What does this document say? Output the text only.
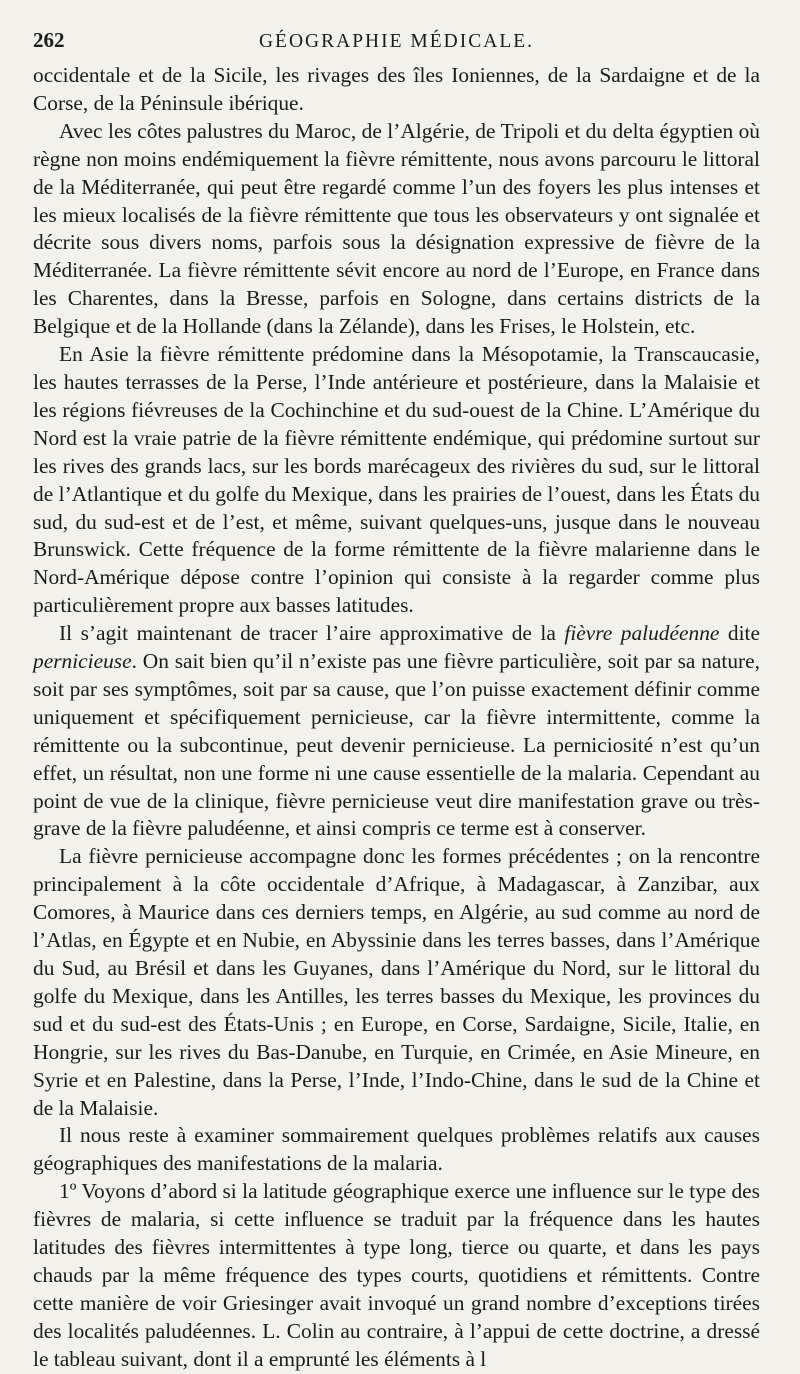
262	GÉOGRAPHIE MÉDICALE.

occidentale et de la Sicile, les rivages des îles Ioniennes, de la Sardaigne et de la Corse, de la Péninsule ibérique.

Avec les côtes palustres du Maroc, de l’Algérie, de Tripoli et du delta égyptien où règne non moins endémiquement la fièvre rémittente, nous avons parcouru le littoral de la Méditerranée, qui peut être regardé comme l’un des foyers les plus intenses et les mieux localisés de la fièvre rémittente que tous les observateurs y ont signalée et décrite sous divers noms, parfois sous la désignation expressive de fièvre de la Méditerranée. La fièvre rémittente sévit encore au nord de l’Europe, en France dans les Charentes, dans la Bresse, parfois en Sologne, dans certains districts de la Belgique et de la Hollande (dans la Zélande), dans les Frises, le Holstein, etc.

En Asie la fièvre rémittente prédomine dans la Mésopotamie, la Transcaucasie, les hautes terrasses de la Perse, l’Inde antérieure et postérieure, dans la Malaisie et les régions fiévreuses de la Cochinchine et du sud-ouest de la Chine. L’Amérique du Nord est la vraie patrie de la fièvre rémittente endémique, qui prédomine surtout sur les rives des grands lacs, sur les bords marécageux des rivières du sud, sur le littoral de l’Atlantique et du golfe du Mexique, dans les prairies de l’ouest, dans les États du sud, du sud-est et de l’est, et même, suivant quelques-uns, jusque dans le nouveau Brunswick. Cette fréquence de la forme rémittente de la fièvre malarienne dans le Nord-Amérique dépose contre l’opinion qui consiste à la regarder comme plus particulièrement propre aux basses latitudes.

Il s’agit maintenant de tracer l’aire approximative de la fièvre paludéenne dite pernicieuse. On sait bien qu’il n’existe pas une fièvre particulière, soit par sa nature, soit par ses symptômes, soit par sa cause, que l’on puisse exactement définir comme uniquement et spécifiquement pernicieuse, car la fièvre intermittente, comme la rémittente ou la subcontinue, peut devenir pernicieuse. La perniciosité n’est qu’un effet, un résultat, non une forme ni une cause essentielle de la malaria. Cependant au point de vue de la clinique, fièvre pernicieuse veut dire manifestation grave ou très-grave de la fièvre paludéenne, et ainsi compris ce terme est à conserver.

La fièvre pernicieuse accompagne donc les formes précédentes ; on la rencontre principalement à la côte occidentale d’Afrique, à Madagascar, à Zanzibar, aux Comores, à Maurice dans ces derniers temps, en Algérie, au sud comme au nord de l’Atlas, en Égypte et en Nubie, en Abyssinie dans les terres basses, dans l’Amérique du Sud, au Brésil et dans les Guyanes, dans l’Amérique du Nord, sur le littoral du golfe du Mexique, dans les Antilles, les terres basses du Mexique, les provinces du sud et du sud-est des États-Unis ; en Europe, en Corse, Sardaigne, Sicile, Italie, en Hongrie, sur les rives du Bas-Danube, en Turquie, en Crimée, en Asie Mineure, en Syrie et en Palestine, dans la Perse, l’Inde, l’Indo-Chine, dans le sud de la Chine et de la Malaisie.

Il nous reste à examiner sommairement quelques problèmes relatifs aux causes géographiques des manifestations de la malaria.

1º Voyons d’abord si la latitude géographique exerce une influence sur le type des fièvres de malaria, si cette influence se traduit par la fréquence dans les hautes latitudes des fièvres intermittentes à type long, tierce ou quarte, et dans les pays chauds par la même fréquence des types courts, quotidiens et rémittents. Contre cette manière de voir Griesinger avait invoqué un grand nombre d’exceptions tirées des localités paludéennes. L. Colin au contraire, à l’appui de cette doctrine, a dressé le tableau suivant, dont il a emprunté les éléments à l
